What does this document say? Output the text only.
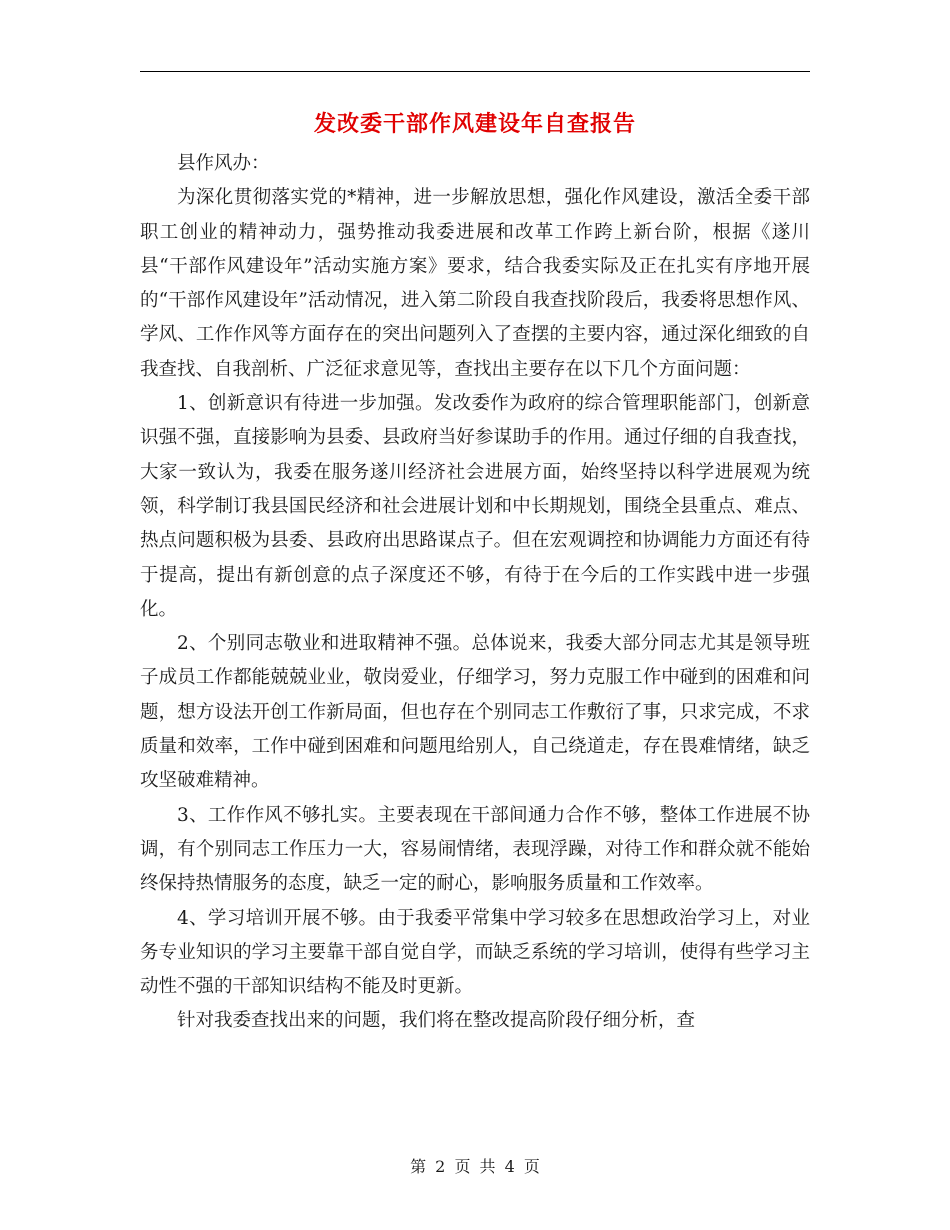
发改委干部作风建设年自查报告

县作风办：

为深化贯彻落实党的*精神，进一步解放思想，强化作风建设，激活全委干部职工创业的精神动力，强势推动我委进展和改革工作跨上新台阶，根据《遂川县“干部作风建设年”活动实施方案》要求，结合我委实际及正在扎实有序地开展的“干部作风建设年”活动情况，进入第二阶段自我查找阶段后，我委将思想作风、学风、工作作风等方面存在的突出问题列入了查摆的主要内容，通过深化细致的自我查找、自我剖析、广泛征求意见等，查找出主要存在以下几个方面问题：

1、创新意识有待进一步加强。发改委作为政府的综合管理职能部门，创新意识强不强，直接影响为县委、县政府当好参谋助手的作用。通过仔细的自我查找，大家一致认为，我委在服务遂川经济社会进展方面，始终坚持以科学进展观为统领，科学制订我县国民经济和社会进展计划和中长期规划，围绕全县重点、难点、热点问题积极为县委、县政府出思路谋点子。但在宏观调控和协调能力方面还有待于提高，提出有新创意的点子深度还不够，有待于在今后的工作实践中进一步强化。

2、个别同志敬业和进取精神不强。总体说来，我委大部分同志尤其是领导班子成员工作都能兢兢业业，敬岗爱业，仔细学习，努力克服工作中碰到的困难和问题，想方设法开创工作新局面，但也存在个别同志工作敷衍了事，只求完成，不求质量和效率，工作中碰到困难和问题甩给别人，自己绕道走，存在畏难情绪，缺乏攻坚破难精神。

3、工作作风不够扎实。主要表现在干部间通力合作不够，整体工作进展不协调，有个别同志工作压力一大，容易闹情绪，表现浮躁，对待工作和群众就不能始终保持热情服务的态度，缺乏一定的耐心，影响服务质量和工作效率。

4、学习培训开展不够。由于我委平常集中学习较多在思想政治学习上，对业务专业知识的学习主要靠干部自觉自学，而缺乏系统的学习培训，使得有些学习主动性不强的干部知识结构不能及时更新。

针对我委查找出来的问题，我们将在整改提高阶段仔细分析，查

第 2 页 共 4 页
